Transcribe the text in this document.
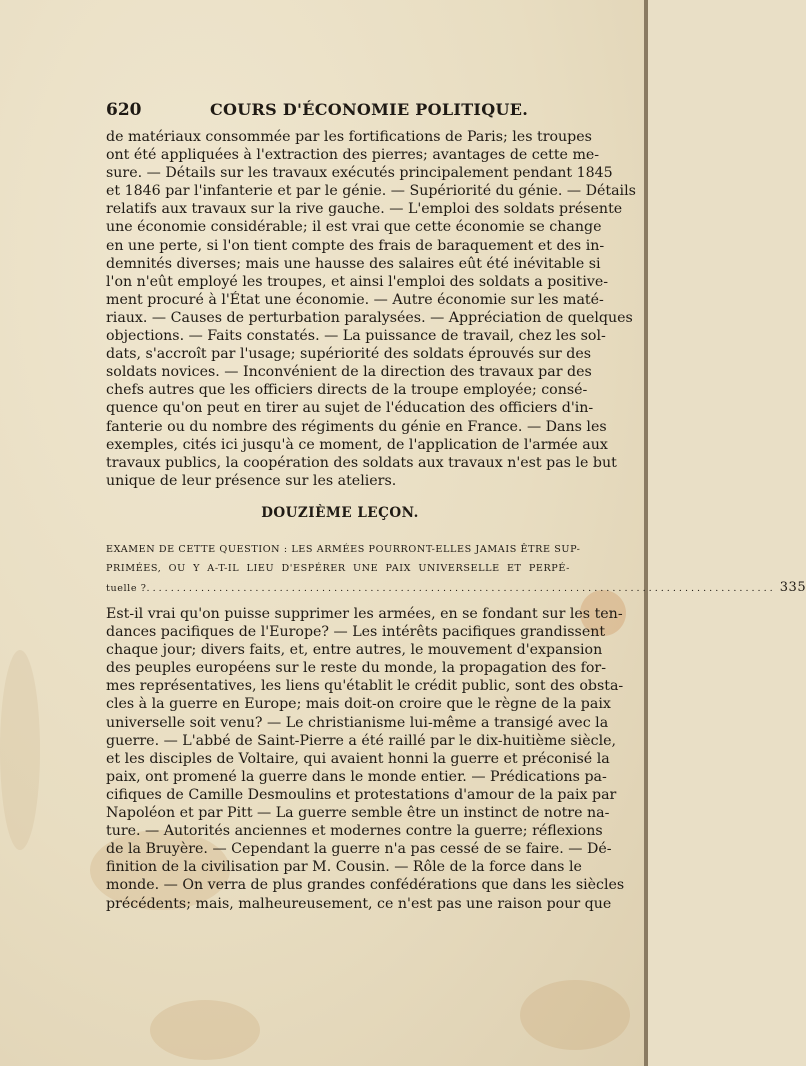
620	COURS D'ÉCONOMIE POLITIQUE.
de matériaux consommée par les fortifications de Paris; les troupes
ont été appliquées à l'extraction des pierres; avantages de cette me-
sure. — Détails sur les travaux exécutés principalement pendant 1845
et 1846 par l'infanterie et par le génie. — Supériorité du génie. — Détails
relatifs aux travaux sur la rive gauche. — L'emploi des soldats présente
une économie considérable; il est vrai que cette économie se change
en une perte, si l'on tient compte des frais de baraquement et des in-
demnités diverses; mais une hausse des salaires eût été inévitable si
l'on n'eût employé les troupes, et ainsi l'emploi des soldats a positive-
ment procuré à l'État une économie. — Autre économie sur les maté-
riaux. — Causes de perturbation paralysées. — Appréciation de quelques
objections. — Faits constatés. — La puissance de travail, chez les sol-
dats, s'accroît par l'usage; supériorité des soldats éprouvés sur des
soldats novices. — Inconvénient de la direction des travaux par des
chefs autres que les officiers directs de la troupe employée; consé-
quence qu'on peut en tirer au sujet de l'éducation des officiers d'in-
fanterie ou du nombre des régiments du génie en France. — Dans les
exemples, cités ici jusqu'à ce moment, de l'application de l'armée aux
travaux publics, la coopération des soldats aux travaux n'est pas le but
unique de leur présence sur les ateliers.
DOUZIÈME LEÇON.
EXAMEN DE CETTE QUESTION : LES ARMÉES POURRONT-ELLES JAMAIS ÊTRE SUP-
PRIMÉES, OU Y A-T-IL LIEU D'ESPÉRER UNE PAIX UNIVERSELLE ET PERPÉ-
tuelle ? ........................................................................................................ 335
Est-il vrai qu'on puisse supprimer les armées, en se fondant sur les ten-
dances pacifiques de l'Europe? — Les intérêts pacifiques grandissent
chaque jour; divers faits, et, entre autres, le mouvement d'expansion
des peuples européens sur le reste du monde, la propagation des for-
mes représentatives, les liens qu'établit le crédit public, sont des obsta-
cles à la guerre en Europe; mais doit-on croire que le règne de la paix
universelle soit venu? — Le christianisme lui-même a transigé avec la
guerre. — L'abbé de Saint-Pierre a été raillé par le dix-huitième siècle,
et les disciples de Voltaire, qui avaient honni la guerre et préconisé la
paix, ont promené la guerre dans le monde entier. — Prédications pa-
cifiques de Camille Desmoulins et protestations d'amour de la paix par
Napoléon et par Pitt — La guerre semble être un instinct de notre na-
ture. — Autorités anciennes et modernes contre la guerre; réflexions
de la Bruyère. — Cependant la guerre n'a pas cessé de se faire. — Dé-
finition de la civilisation par M. Cousin. — Rôle de la force dans le
monde. — On verra de plus grandes confédérations que dans les siècles
précédents; mais, malheureusement, ce n'est pas une raison pour que
